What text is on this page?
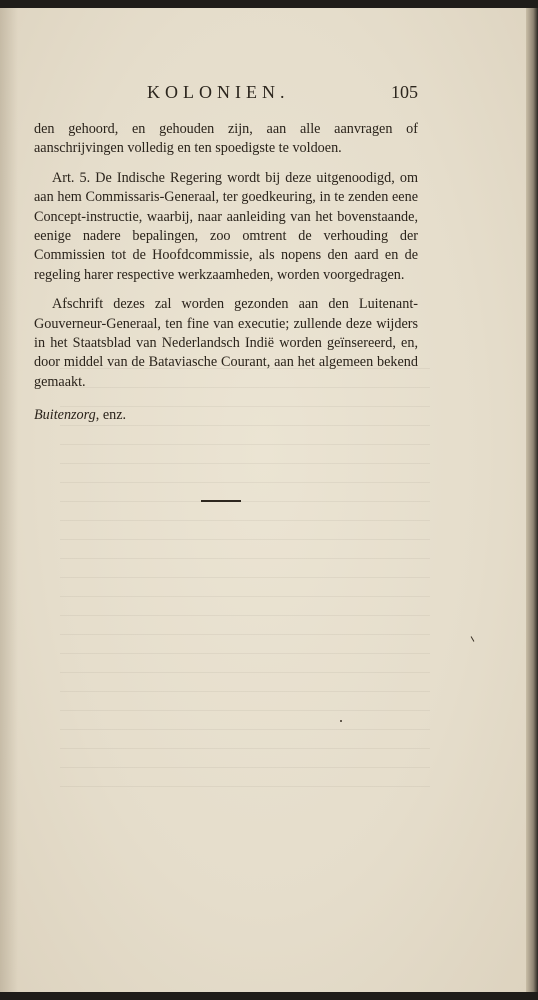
KOLONIEN.	105

den gehoord, en gehouden zijn, aan alle aanvragen of aanschrijvingen volledig en ten spoedigste te voldoen.

Art. 5. De Indische Regering wordt bij deze uitgenoodigd, om aan hem Commissaris-Generaal, ter goedkeuring, in te zenden eene Concept-instructie, waarbij, naar aanleiding van het bovenstaande, eenige nadere bepalingen, zoo omtrent de verhouding der Commissien tot de Hoofdcommissie, als nopens den aard en de regeling harer respective werkzaamheden, worden voorgedragen.

Afschrift dezes zal worden gezonden aan den Luitenant-Gouverneur-Generaal, ten fine van executie; zullende deze wijders in het Staatsblad van Nederlandsch Indië worden geïnsereerd, en, door middel van de Bataviasche Courant, aan het algemeen bekend gemaakt.

Buitenzorg, enz.
